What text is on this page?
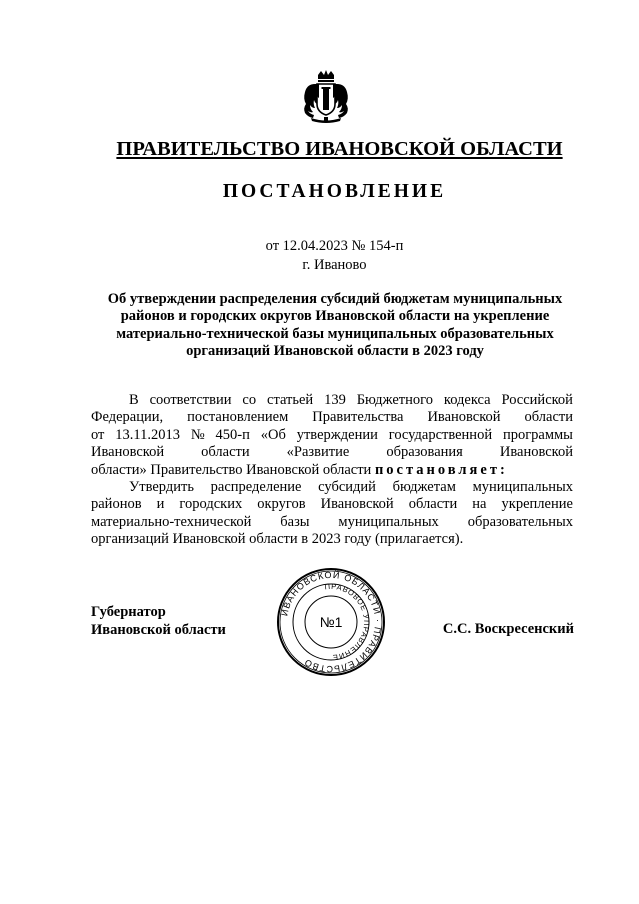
ПРАВИТЕЛЬСТВО ИВАНОВСКОЙ ОБЛАСТИ
ПОСТАНОВЛЕНИЕ
от 12.04.2023 № 154-п
г. Иваново
Об утверждении распределения субсидий бюджетам муниципальных
районов и городских округов Ивановской области на укрепление
материально-технической базы муниципальных образовательных
организаций Ивановской области в 2023 году
В соответствии со статьей 139 Бюджетного кодекса Российской
Федерации, постановлением Правительства Ивановской области
от 13.11.2013 № 450-п «Об утверждении государственной программы
Ивановской	области	«Развитие	образования	Ивановской
области» Правительство Ивановской области постановляет:
Утвердить распределение субсидий бюджетам муниципальных
районов и городских округов Ивановской области на укрепление
материально-технической базы муниципальных образовательных
организаций Ивановской области в 2023 году (прилагается).
Губернатор
Ивановской области
ИВАНОВСКОЙ ОБЛАСТИ · ПРАВИТЕЛЬСТВО
ПРАВОВОЕ УПРАВЛЕНИЕ
№1	С.С. Воскресенский
